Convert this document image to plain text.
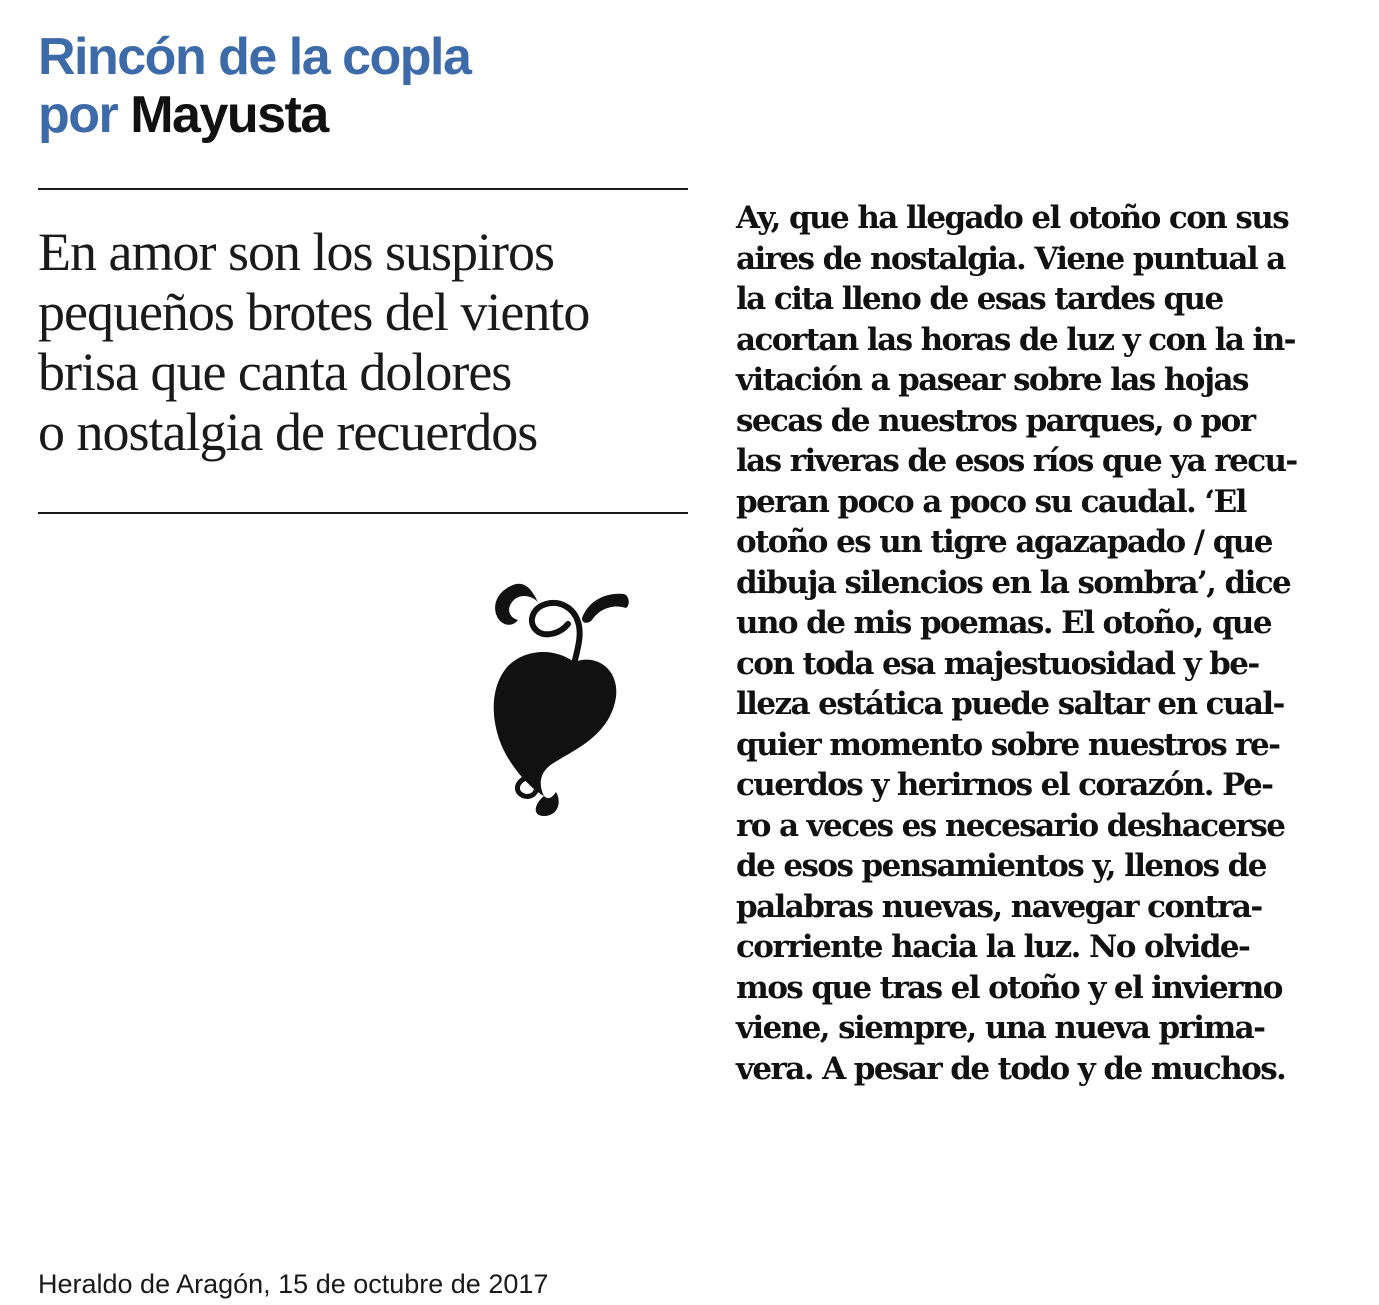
Rincón de la copla
por Mayusta
En amor son los suspiros
pequeños brotes del viento
brisa que canta dolores
o nostalgia de recuerdos
Ay, que ha llegado el otoño con sus
aires de nostalgia. Viene puntual a
la cita lleno de esas tardes que
acortan las horas de luz y con la in-
vitación a pasear sobre las hojas
secas de nuestros parques, o por
las riveras de esos ríos que ya recu-
peran poco a poco su caudal. ‘El
otoño es un tigre agazapado / que
dibuja silencios en la sombra’, dice
uno de mis poemas. El otoño, que
con toda esa majestuosidad y be-
lleza estática puede saltar en cual-
quier momento sobre nuestros re-
cuerdos y herirnos el corazón. Pe-
ro a veces es necesario deshacerse
de esos pensamientos y, llenos de
palabras nuevas, navegar contra-
corriente hacia la luz. No olvide-
mos que tras el otoño y el invierno
viene, siempre, una nueva prima-
vera. A pesar de todo y de muchos.
Heraldo de Aragón, 15 de octubre de 2017
